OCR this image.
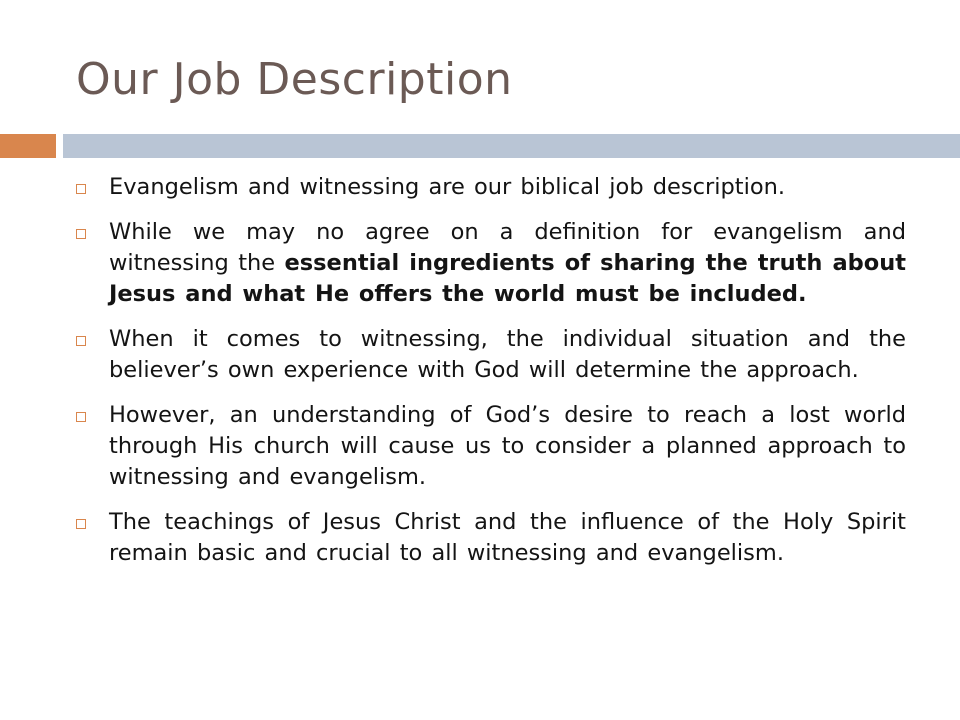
Our Job Description
Evangelism and witnessing are our biblical job description.
While we may no agree on a definition for evangelism and witnessing the essential ingredients of sharing the truth about Jesus and what He offers the world must be included.
When it comes to witnessing, the individual situation and the believer’s own experience with God will determine the approach.
However, an understanding of God’s desire to reach a lost world through His church will cause us to consider a planned approach to witnessing and evangelism.
The teachings of Jesus Christ and the influence of the Holy Spirit remain basic and crucial to all witnessing and evangelism.
